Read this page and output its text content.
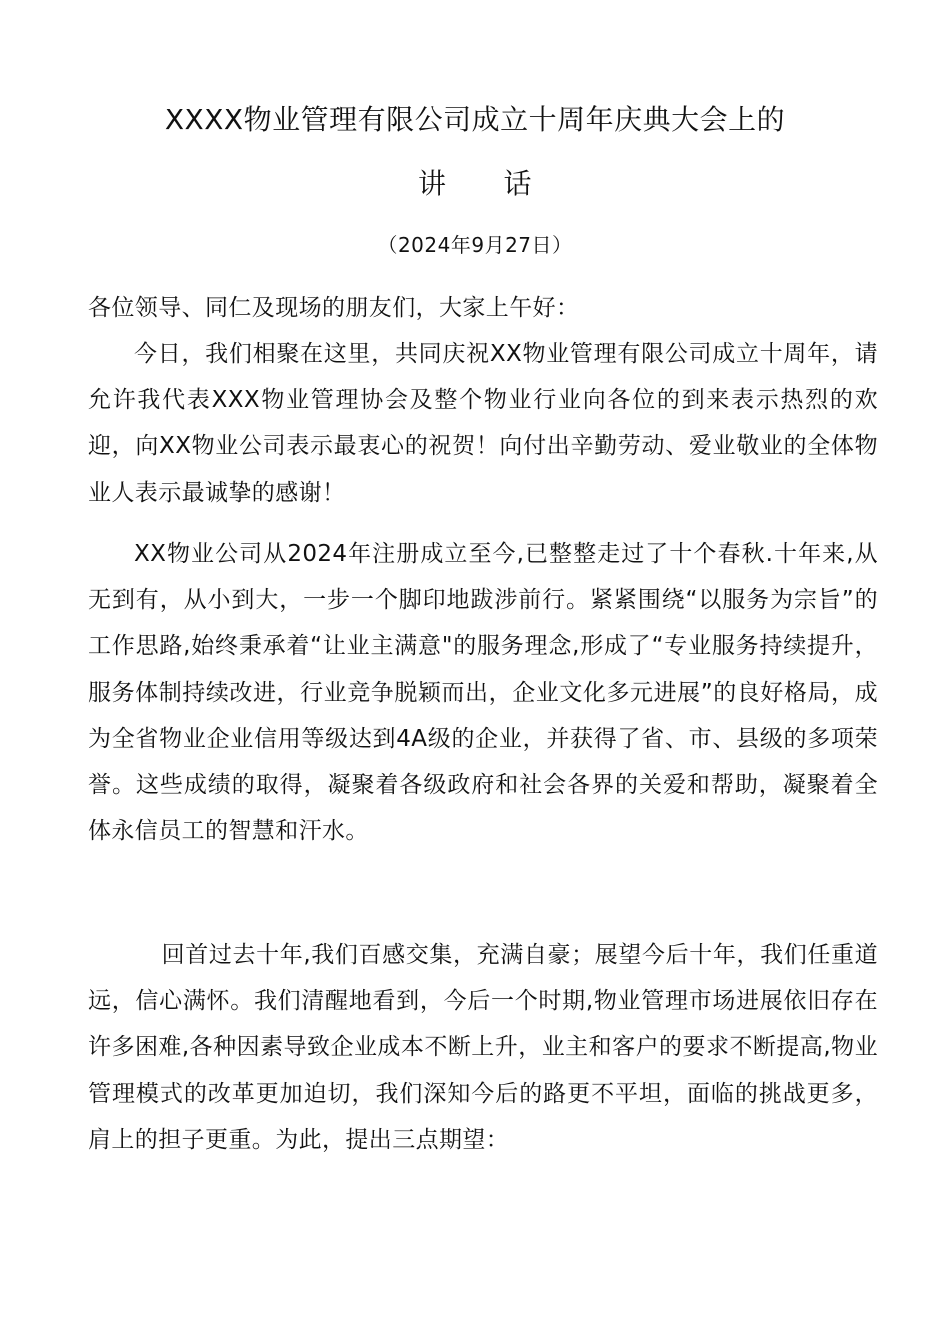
XXXX物业管理有限公司成立十周年庆典大会上的
讲　　话
（2024年9月27日）

各位领导、同仁及现场的朋友们，大家上午好：

今日，我们相聚在这里，共同庆祝XX物业管理有限公司成立十周年，请允许我代表XXX物业管理协会及整个物业行业向各位的到来表示热烈的欢迎，向XX物业公司表示最衷心的祝贺！向付出辛勤劳动、爱业敬业的全体物业人表示最诚挚的感谢！

XX物业公司从2024年注册成立至今,已整整走过了十个春秋.十年来,从无到有，从小到大，一步一个脚印地跋涉前行。紧紧围绕“以服务为宗旨”的工作思路,始终秉承着“让业主满意"的服务理念,形成了“专业服务持续提升，服务体制持续改进，行业竞争脱颖而出，企业文化多元进展”的良好格局，成为全省物业企业信用等级达到4A级的企业，并获得了省、市、县级的多项荣誉。这些成绩的取得，凝聚着各级政府和社会各界的关爱和帮助，凝聚着全体永信员工的智慧和汗水。

回首过去十年,我们百感交集，充满自豪；展望今后十年，我们任重道远，信心满怀。我们清醒地看到，今后一个时期,物业管理市场进展依旧存在许多困难,各种因素导致企业成本不断上升，业主和客户的要求不断提高,物业管理模式的改革更加迫切，我们深知今后的路更不平坦，面临的挑战更多，肩上的担子更重。为此，提出三点期望：
